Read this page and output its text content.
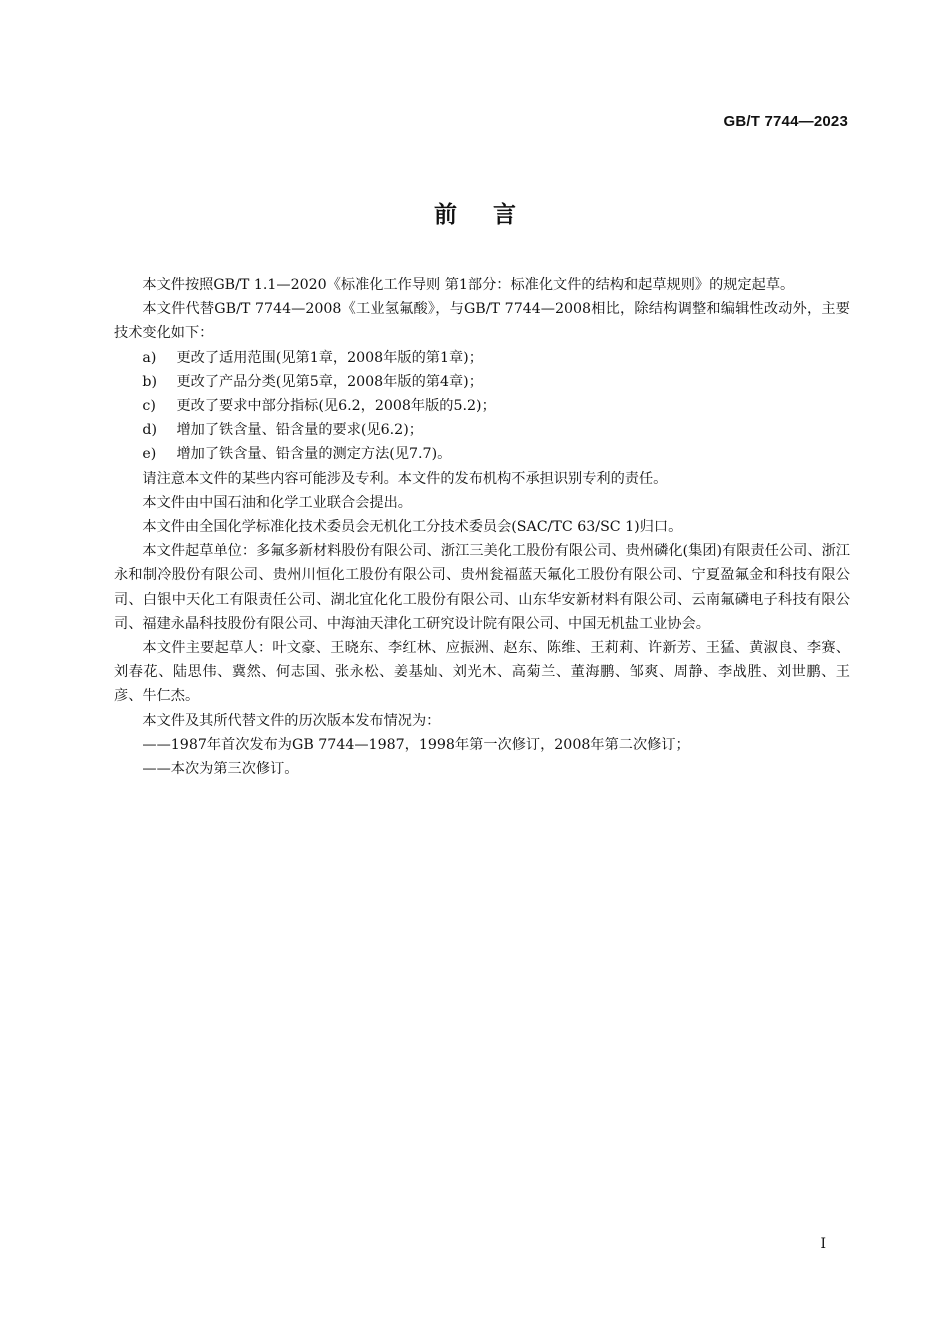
GB/T 7744—2023
前言

本文件按照GB/T 1.1—2020《标准化工作导则 第1部分：标准化文件的结构和起草规则》的规定起草。

本文件代替GB/T 7744—2008《工业氢氟酸》，与GB/T 7744—2008相比，除结构调整和编辑性改动外，主要技术变化如下：

a) 更改了适用范围(见第1章，2008年版的第1章)；

b) 更改了产品分类(见第5章，2008年版的第4章)；

c) 更改了要求中部分指标(见6.2，2008年版的5.2)；

d) 增加了铁含量、铅含量的要求(见6.2)；

e) 增加了铁含量、铅含量的测定方法(见7.7)。

请注意本文件的某些内容可能涉及专利。本文件的发布机构不承担识别专利的责任。

本文件由中国石油和化学工业联合会提出。

本文件由全国化学标准化技术委员会无机化工分技术委员会(SAC/TC 63/SC 1)归口。

本文件起草单位：多氟多新材料股份有限公司、浙江三美化工股份有限公司、贵州磷化(集团)有限责任公司、浙江永和制冷股份有限公司、贵州川恒化工股份有限公司、贵州瓮福蓝天氟化工股份有限公司、宁夏盈氟金和科技有限公司、白银中天化工有限责任公司、湖北宜化化工股份有限公司、山东华安新材料有限公司、云南氟磷电子科技有限公司、福建永晶科技股份有限公司、中海油天津化工研究设计院有限公司、中国无机盐工业协会。

本文件主要起草人：叶文豪、王晓东、李红林、应振洲、赵东、陈维、王莉莉、许新芳、王猛、黄淑良、李赛、刘春花、陆思伟、冀然、何志国、张永松、姜基灿、刘光木、高菊兰、董海鹏、邹爽、周静、李战胜、刘世鹏、王彦、牛仁杰。

本文件及其所代替文件的历次版本发布情况为：

——1987年首次发布为GB 7744—1987，1998年第一次修订，2008年第二次修订；

——本次为第三次修订。

I
